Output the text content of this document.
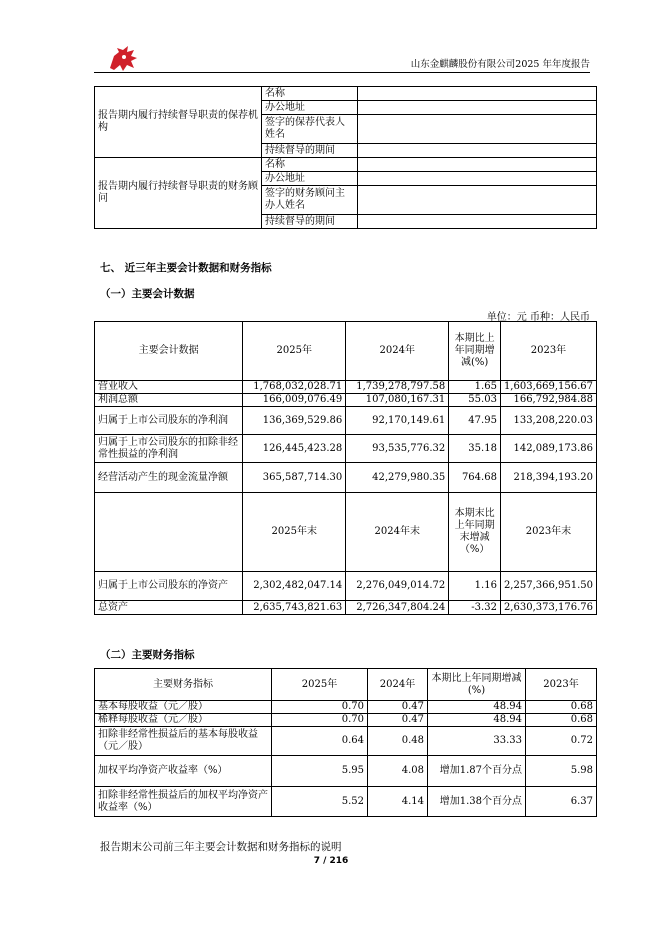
山东金麒麟股份有限公司2025 年年度报告
报告期内履行持续督导职责的保荐机构	名称	
	办公地址	
	签字的保荐代表人姓名	
	持续督导的期间	
报告期内履行持续督导职责的财务顾问	名称	
	办公地址	
	签字的财务顾问主办人姓名	
	持续督导的期间	
七、 近三年主要会计数据和财务指标
（一）主要会计数据
单位：元 币种：人民币
主要会计数据	2025年	2024年	本期比上年同期增减(%)	2023年
营业收入	1,768,032,028.71	1,739,278,797.58	1.65	1,603,669,156.67
利润总额	166,009,076.49	107,080,167.31	55.03	166,792,984.88
归属于上市公司股东的净利润	136,369,529.86	92,170,149.61	47.95	133,208,220.03
归属于上市公司股东的扣除非经常性损益的净利润	126,445,423.28	93,535,776.32	35.18	142,089,173.86
经营活动产生的现金流量净额	365,587,714.30	42,279,980.35	764.68	218,394,193.20
	2025年末	2024年末	本期末比上年同期末增减（%）	2023年末
归属于上市公司股东的净资产	2,302,482,047.14	2,276,049,014.72	1.16	2,257,366,951.50
总资产	2,635,743,821.63	2,726,347,804.24	-3.32	2,630,373,176.76
（二）主要财务指标
主要财务指标	2025年	2024年	本期比上年同期增减(%)	2023年
基本每股收益（元／股）	0.70	0.47	48.94	0.68
稀释每股收益（元／股）	0.70	0.47	48.94	0.68
扣除非经常性损益后的基本每股收益（元／股）	0.64	0.48	33.33	0.72
加权平均净资产收益率（%）	5.95	4.08	增加1.87个百分点	5.98
扣除非经常性损益后的加权平均净资产收益率（%）	5.52	4.14	增加1.38个百分点	6.37
报告期末公司前三年主要会计数据和财务指标的说明
7 / 216
